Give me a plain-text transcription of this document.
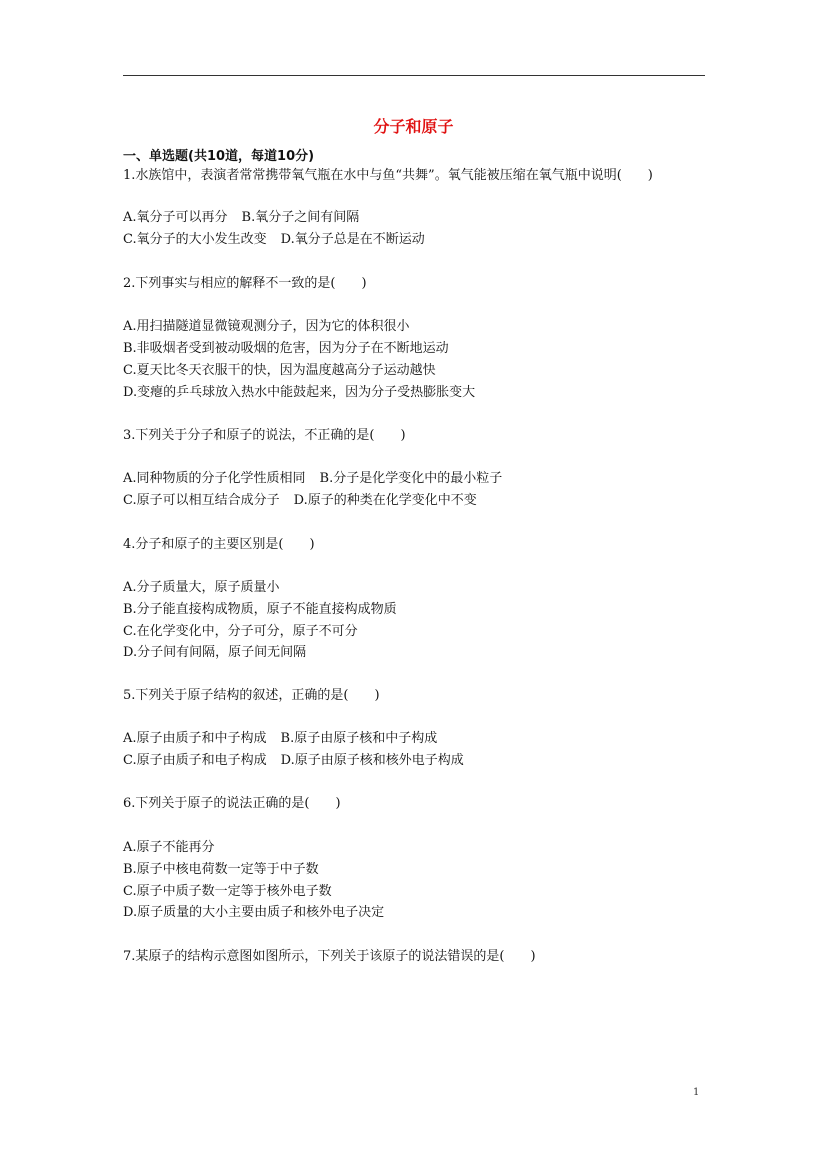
分子和原子
一、单选题(共10道，每道10分)
1.水族馆中，表演者常常携带氧气瓶在水中与鱼“共舞”。氧气能被压缩在氧气瓶中说明(　　)
A.氧分子可以再分 B.氧分子之间有间隔
C.氧分子的大小发生改变 D.氧分子总是在不断运动
2.下列事实与相应的解释不一致的是(　　)
A.用扫描隧道显微镜观测分子，因为它的体积很小
B.非吸烟者受到被动吸烟的危害，因为分子在不断地运动
C.夏天比冬天衣服干的快，因为温度越高分子运动越快
D.变瘪的乒乓球放入热水中能鼓起来，因为分子受热膨胀变大
3.下列关于分子和原子的说法，不正确的是(　　)
A.同种物质的分子化学性质相同 B.分子是化学变化中的最小粒子
C.原子可以相互结合成分子 D.原子的种类在化学变化中不变
4.分子和原子的主要区别是(　　)
A.分子质量大，原子质量小
B.分子能直接构成物质，原子不能直接构成物质
C.在化学变化中，分子可分，原子不可分
D.分子间有间隔，原子间无间隔
5.下列关于原子结构的叙述，正确的是(　　)
A.原子由质子和中子构成 B.原子由原子核和中子构成
C.原子由质子和电子构成 D.原子由原子核和核外电子构成
6.下列关于原子的说法正确的是(　　)
A.原子不能再分
B.原子中核电荷数一定等于中子数
C.原子中质子数一定等于核外电子数
D.原子质量的大小主要由质子和核外电子决定
7.某原子的结构示意图如图所示，下列关于该原子的说法错误的是(　　)
1
